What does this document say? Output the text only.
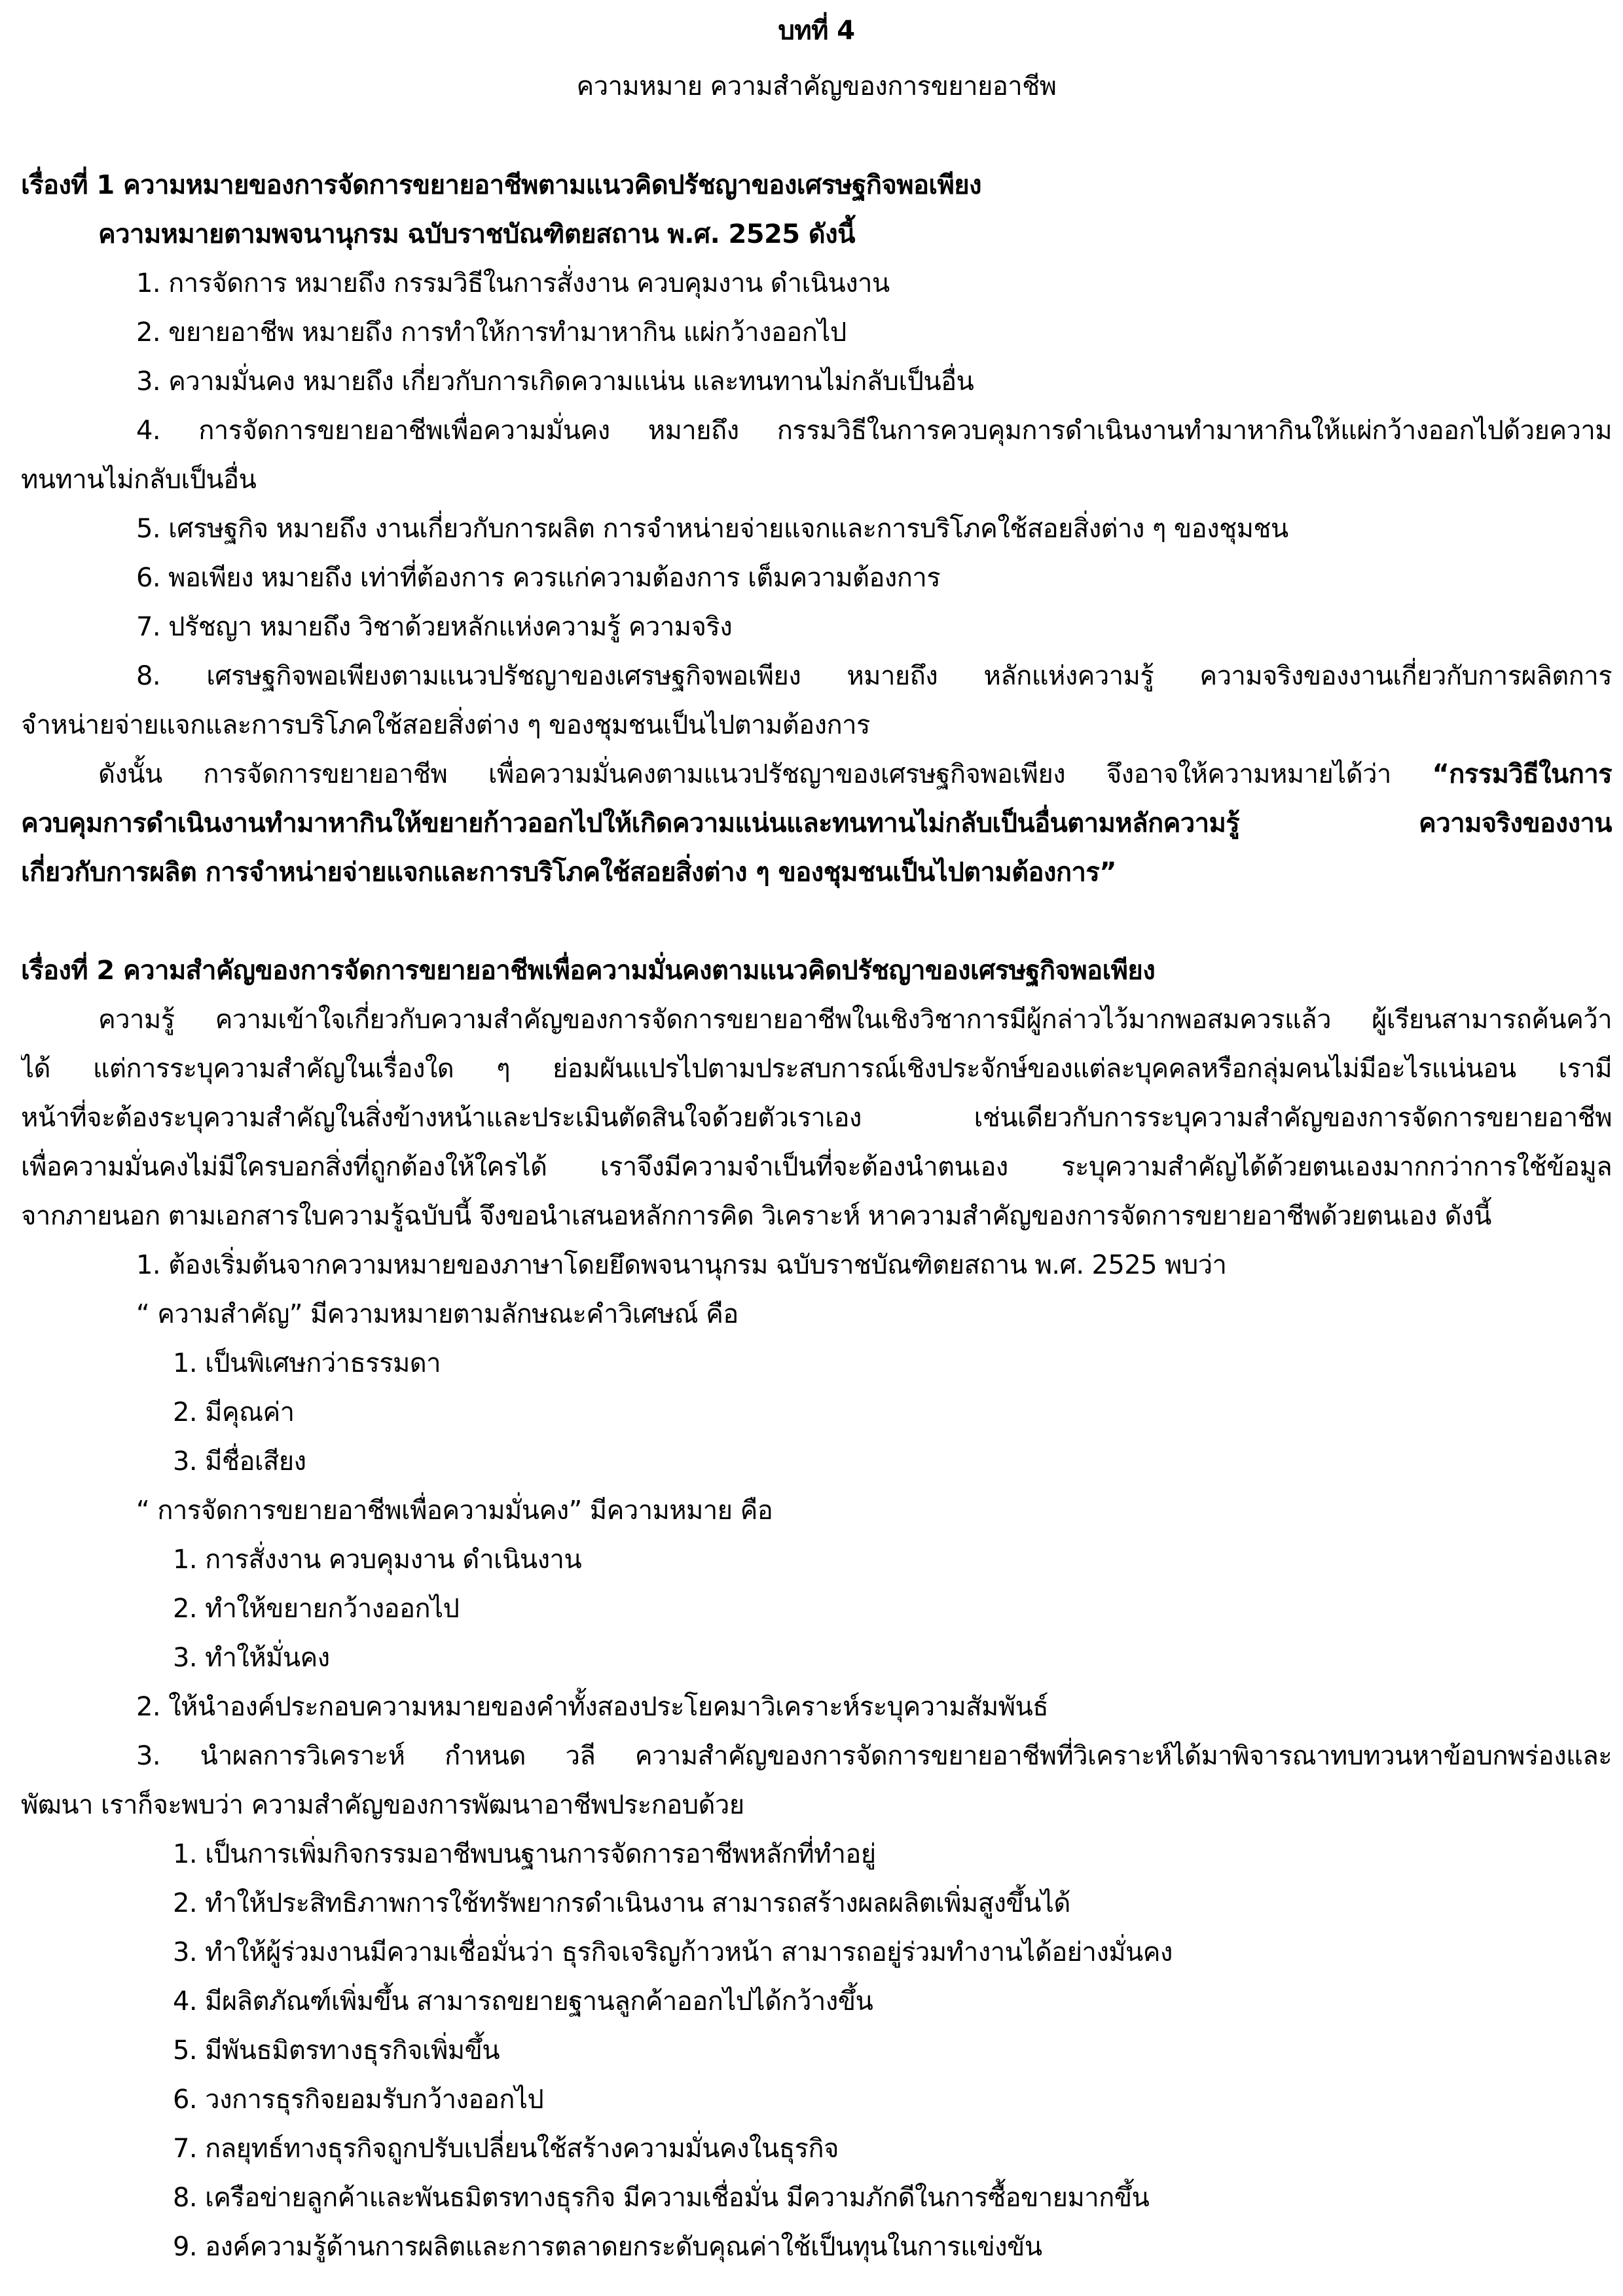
บทที่ 4
ความหมาย ความสำคัญของการขยายอาชีพ
เรื่องที่ 1 ความหมายของการจัดการขยายอาชีพตามแนวคิดปรัชญาของเศรษฐกิจพอเพียง
ความหมายตามพจนานุกรม ฉบับราชบัณฑิตยสถาน พ.ศ. 2525 ดังนี้
1. การจัดการ หมายถึง กรรมวิธีในการสั่งงาน ควบคุมงาน ดำเนินงาน
2. ขยายอาชีพ หมายถึง การทำให้การทำมาหากิน แผ่กว้างออกไป
3. ความมั่นคง หมายถึง เกี่ยวกับการเกิดความแน่น และทนทานไม่กลับเป็นอื่น
4. การจัดการขยายอาชีพเพื่อความมั่นคง หมายถึง กรรมวิธีในการควบคุมการดำเนินงานทำมาหากินให้แผ่กว้างออกไปด้วยความ
ทนทานไม่กลับเป็นอื่น
5. เศรษฐกิจ หมายถึง งานเกี่ยวกับการผลิต การจำหน่ายจ่ายแจกและการบริโภคใช้สอยสิ่งต่าง ๆ ของชุมชน
6. พอเพียง หมายถึง เท่าที่ต้องการ ควรแก่ความต้องการ เต็มความต้องการ
7. ปรัชญา หมายถึง วิชาด้วยหลักแห่งความรู้ ความจริง
8. เศรษฐกิจพอเพียงตามแนวปรัชญาของเศรษฐกิจพอเพียง หมายถึง หลักแห่งความรู้ ความจริงของงานเกี่ยวกับการผลิตการ
จำหน่ายจ่ายแจกและการบริโภคใช้สอยสิ่งต่าง ๆ ของชุมชนเป็นไปตามต้องการ
ดังนั้น การจัดการขยายอาชีพ เพื่อความมั่นคงตามแนวปรัชญาของเศรษฐกิจพอเพียง จึงอาจให้ความหมายได้ว่า “กรรมวิธีในการ
ควบคุมการดำเนินงานทำมาหากินให้ขยายก้าวออกไปให้เกิดความแน่นและทนทานไม่กลับเป็นอื่นตามหลักความรู้ ความจริงของงาน
เกี่ยวกับการผลิต การจำหน่ายจ่ายแจกและการบริโภคใช้สอยสิ่งต่าง ๆ ของชุมชนเป็นไปตามต้องการ”
เรื่องที่ 2 ความสำคัญของการจัดการขยายอาชีพเพื่อความมั่นคงตามแนวคิดปรัชญาของเศรษฐกิจพอเพียง
ความรู้ ความเข้าใจเกี่ยวกับความสำคัญของการจัดการขยายอาชีพในเชิงวิชาการมีผู้กล่าวไว้มากพอสมควรแล้ว ผู้เรียนสามารถค้นคว้า
ได้ แต่การระบุความสำคัญในเรื่องใด ๆ ย่อมผันแปรไปตามประสบการณ์เชิงประจักษ์ของแต่ละบุคคลหรือกลุ่มคนไม่มีอะไรแน่นอน เรามี
หน้าที่จะต้องระบุความสำคัญในสิ่งข้างหน้าและประเมินตัดสินใจด้วยตัวเราเอง เช่นเดียวกับการระบุความสำคัญของการจัดการขยายอาชีพ
เพื่อความมั่นคงไม่มีใครบอกสิ่งที่ถูกต้องให้ใครได้ เราจึงมีความจำเป็นที่จะต้องนำตนเอง ระบุความสำคัญได้ด้วยตนเองมากกว่าการใช้ข้อมูล
จากภายนอก ตามเอกสารใบความรู้ฉบับนี้ จึงขอนำเสนอหลักการคิด วิเคราะห์ หาความสำคัญของการจัดการขยายอาชีพด้วยตนเอง ดังนี้
1. ต้องเริ่มต้นจากความหมายของภาษาโดยยึดพจนานุกรม ฉบับราชบัณฑิตยสถาน พ.ศ. 2525 พบว่า
“ ความสำคัญ” มีความหมายตามลักษณะคำวิเศษณ์ คือ
1. เป็นพิเศษกว่าธรรมดา
2. มีคุณค่า
3. มีชื่อเสียง
“ การจัดการขยายอาชีพเพื่อความมั่นคง” มีความหมาย คือ
1. การสั่งงาน ควบคุมงาน ดำเนินงาน
2. ทำให้ขยายกว้างออกไป
3. ทำให้มั่นคง
2. ให้นำองค์ประกอบความหมายของคำทั้งสองประโยคมาวิเคราะห์ระบุความสัมพันธ์
3. นำผลการวิเคราะห์ กำหนด วลี ความสำคัญของการจัดการขยายอาชีพที่วิเคราะห์ได้มาพิจารณาทบทวนหาข้อบกพร่องและ
พัฒนา เราก็จะพบว่า ความสำคัญของการพัฒนาอาชีพประกอบด้วย
1. เป็นการเพิ่มกิจกรรมอาชีพบนฐานการจัดการอาชีพหลักที่ทำอยู่
2. ทำให้ประสิทธิภาพการใช้ทรัพยากรดำเนินงาน สามารถสร้างผลผลิตเพิ่มสูงขึ้นได้
3. ทำให้ผู้ร่วมงานมีความเชื่อมั่นว่า ธุรกิจเจริญก้าวหน้า สามารถอยู่ร่วมทำงานได้อย่างมั่นคง
4. มีผลิตภัณฑ์เพิ่มขึ้น สามารถขยายฐานลูกค้าออกไปได้กว้างขึ้น
5. มีพันธมิตรทางธุรกิจเพิ่มขึ้น
6. วงการธุรกิจยอมรับกว้างออกไป
7. กลยุทธ์ทางธุรกิจถูกปรับเปลี่ยนใช้สร้างความมั่นคงในธุรกิจ
8. เครือข่ายลูกค้าและพันธมิตรทางธุรกิจ มีความเชื่อมั่น มีความภักดีในการซื้อขายมากขึ้น
9. องค์ความรู้ด้านการผลิตและการตลาดยกระดับคุณค่าใช้เป็นทุนในการแข่งขัน
